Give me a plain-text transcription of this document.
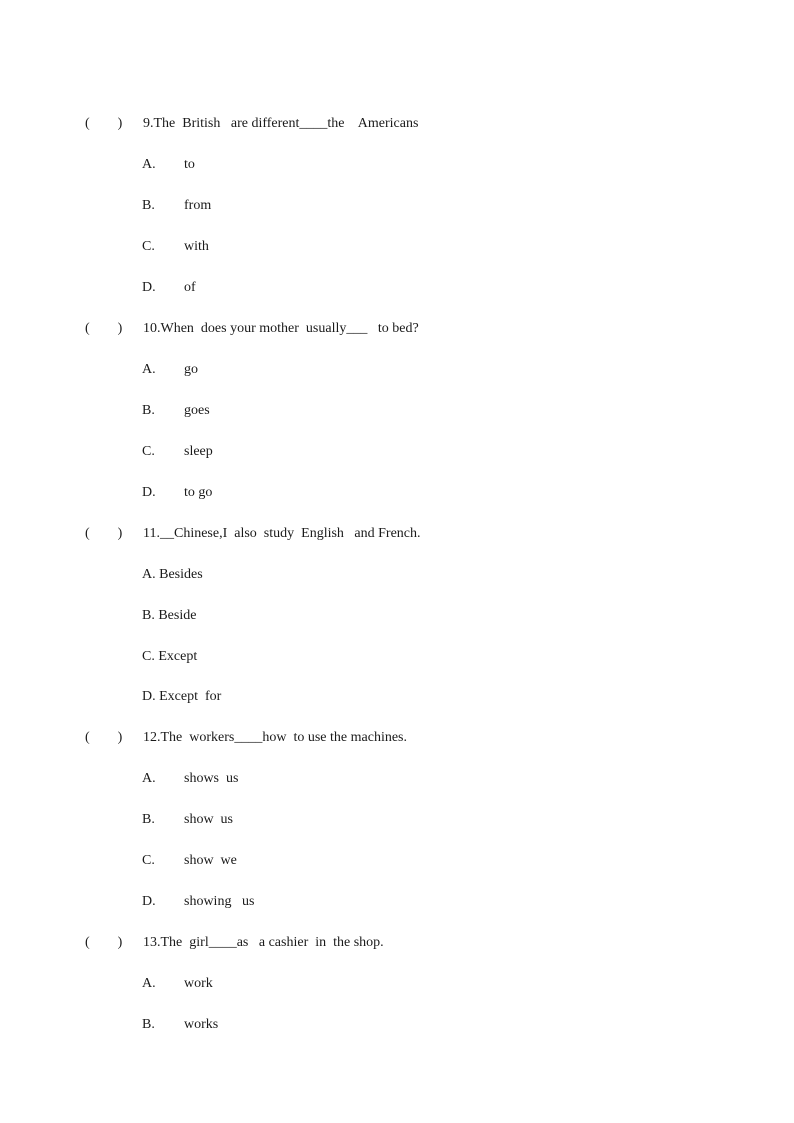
(        ) 9.The  British   are different____the    Americans

A. to

B. from

C. with

D. of

(        ) 10.When  does your mother  usually___   to bed?

A. go

B. goes

C. sleep

D. to go

(        ) 11.__Chinese,I  also  study  English   and French.

A. Besides

B. Beside

C. Except

D. Except  for

(        ) 12.The  workers____how  to use the machines.

A. shows  us

B. show  us

C. show  we

D. showing   us

(        ) 13.The  girl____as   a cashier  in  the shop.

A. work

B. works
